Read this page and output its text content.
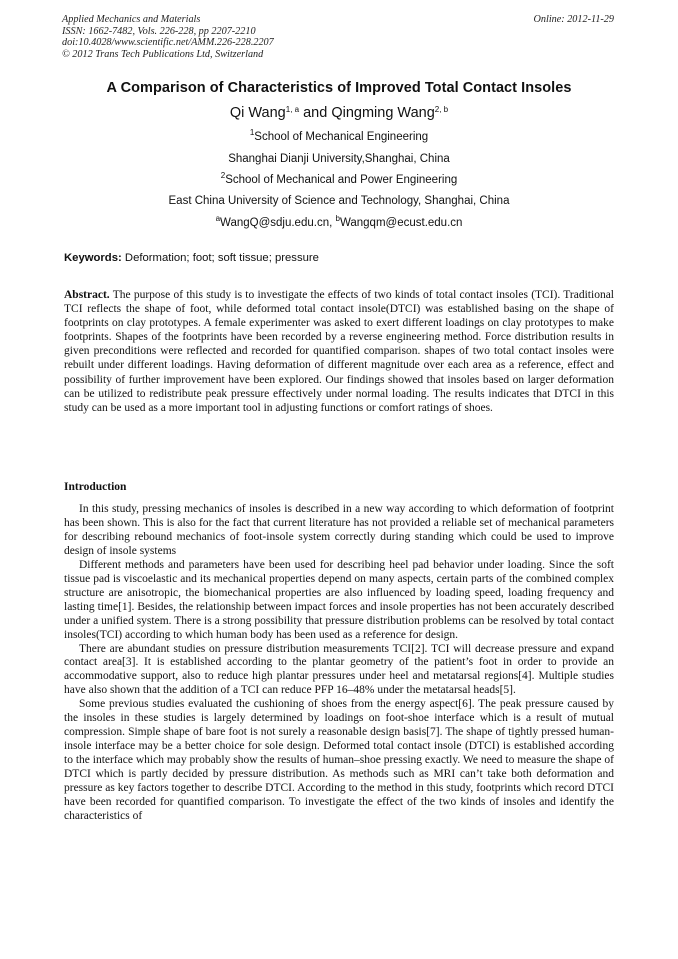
Applied Mechanics and Materials
ISSN: 1662-7482, Vols. 226-228, pp 2207-2210
doi:10.4028/www.scientific.net/AMM.226-228.2207
© 2012 Trans Tech Publications Ltd, Switzerland
Online: 2012-11-29
A Comparison of Characteristics of Improved Total Contact Insoles
Qi Wang$^{1, a}$ and Qingming Wang$^{2, b}$
$^1$School of Mechanical Engineering
Shanghai Dianji University,Shanghai, China
$^2$School of Mechanical and Power Engineering
East China University of Science and Technology, Shanghai, China
$^a$WangQ@sdju.edu.cn, $^b$Wangqm@ecust.edu.cn
Keywords: Deformation; foot; soft tissue; pressure

Abstract. The purpose of this study is to investigate the effects of two kinds of total contact insoles (TCI). Traditional TCI reflects the shape of foot, while deformed total contact insole(DTCI) was established basing on the shape of footprints on clay prototypes. A female experimenter was asked to exert different loadings on clay prototypes to make footprints. Shapes of the footprints have been recorded by a reverse engineering method. Force distribution results in given preconditions were reflected and recorded for quantified comparison. shapes of two total contact insoles were rebuilt under different loadings. Having deformation of different magnitude over each area as a reference, effect and possibility of further improvement have been explored. Our findings showed that insoles based on larger deformation can be utilized to redistribute peak pressure effectively under normal loading. The results indicates that DTCI in this study can be used as a more important tool in adjusting functions or comfort ratings of shoes.

Introduction

In this study, pressing mechanics of insoles is described in a new way according to which deformation of footprint has been shown. This is also for the fact that current literature has not provided a reliable set of mechanical parameters for describing rebound mechanics of foot-insole system correctly during standing which could be used to improve design of insole systems

Different methods and parameters have been used for describing heel pad behavior under loading. Since the soft tissue pad is viscoelastic and its mechanical properties depend on many aspects, certain parts of the combined complex structure are anisotropic, the biomechanical properties are also influenced by loading speed, loading frequency and lasting time[1]. Besides, the relationship between impact forces and insole properties has not been accurately described under a unified system. There is a strong possibility that pressure distribution problems can be resolved by total contact insoles(TCI) according to which human body has been used as a reference for design.

There are abundant studies on pressure distribution measurements TCI[2]. TCI will decrease pressure and expand contact area[3]. It is established according to the plantar geometry of the patient’s foot in order to provide an accommodative support, also to reduce high plantar pressures under heel and metatarsal regions[4]. Multiple studies have also shown that the addition of a TCI can reduce PFP 16–48% under the metatarsal heads[5].

Some previous studies evaluated the cushioning of shoes from the energy aspect[6]. The peak pressure caused by the insoles in these studies is largely determined by loadings on foot-shoe interface which is a result of mutual compression. Simple shape of bare foot is not surely a reasonable design basis[7]. The shape of tightly pressed human-insole interface may be a better choice for sole design. Deformed total contact insole (DTCI) is established according to the interface which may probably show the results of human–shoe pressing exactly. We need to measure the shape of DTCI which is partly decided by pressure distribution. As methods such as MRI can’t take both deformation and pressure as key factors together to describe DTCI. According to the method in this study, footprints which record DTCI have been recorded for quantified comparison. To investigate the effect of the two kinds of insoles and identify the characteristics of
